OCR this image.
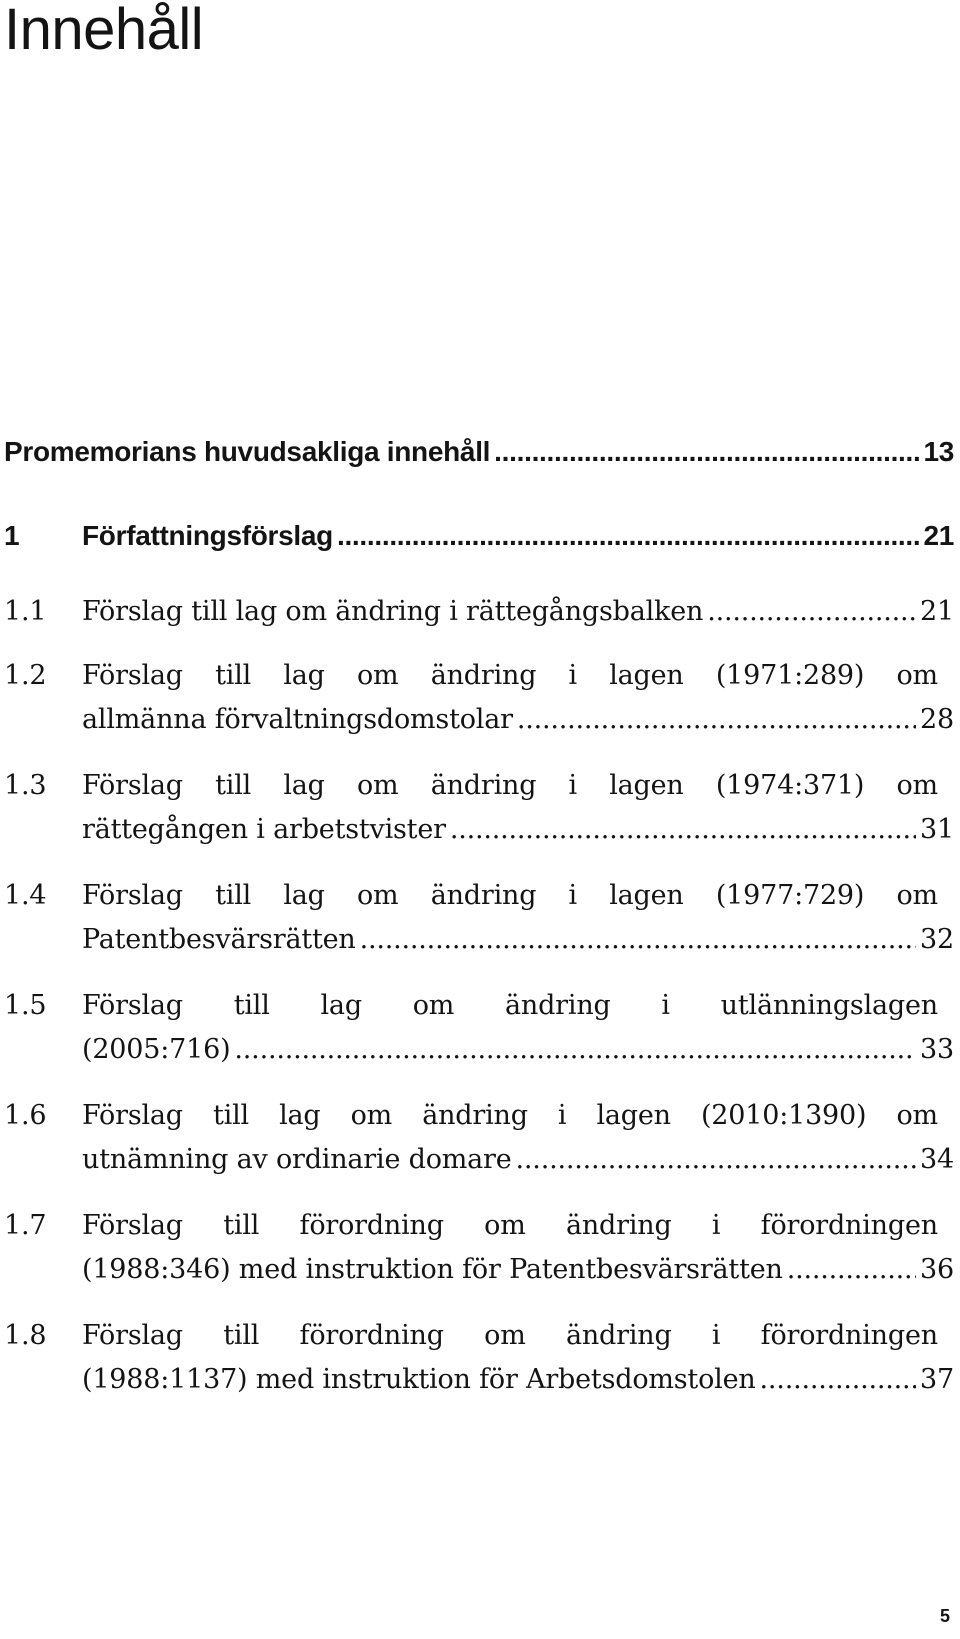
Innehåll
Promemorians huvudsakliga innehåll .....	13
1	Författningsförslag .....	21
1.1	Förslag till lag om ändring i rättegångsbalken .....	21
1.2	Förslag till lag om ändring i lagen (1971:289) om
allmänna förvaltningsdomstolar .....	28
1.3	Förslag till lag om ändring i lagen (1974:371) om
rättegången i arbetstvister .....	31
1.4	Förslag till lag om ändring i lagen (1977:729) om
Patentbesvärsrätten .....	32
1.5	Förslag till lag om ändring i utlänningslagen
(2005:716) .....	33
1.6	Förslag till lag om ändring i lagen (2010:1390) om
utnämning av ordinarie domare .....	34
1.7	Förslag till förordning om ändring i förordningen
(1988:346) med instruktion för Patentbesvärsrätten .....	36
1.8	Förslag till förordning om ändring i förordningen
(1988:1137) med instruktion för Arbetsdomstolen .....	37
5
